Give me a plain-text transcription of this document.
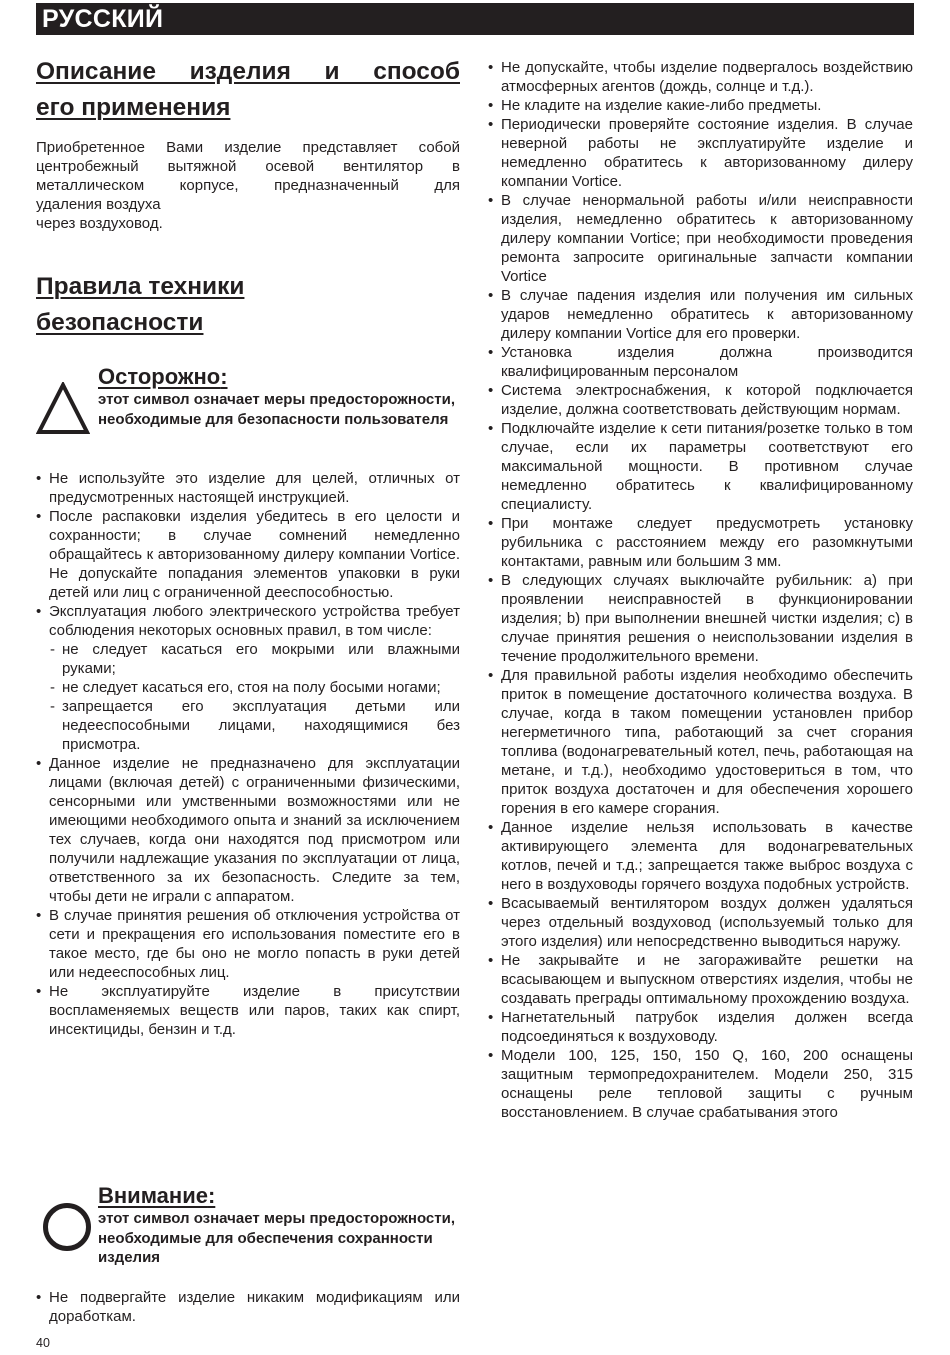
РУССКИЙ
Описание изделия и способ
его применения
Приобретенное Вами изделие представляет собой
центробежный вытяжной осевой вентилятор в
металлическом корпусе, предназначенный для
удаления воздуха
через воздуховод.
Правила техники
безопасности
Осторожно:
этот символ означает меры предосторожности, необходимые для безопасности пользователя
• Не используйте это изделие для целей, отличных от предусмотренных настоящей инструкцией.
• После распаковки изделия убедитесь в его целости и сохранности; в случае сомнений немедленно обращайтесь к авторизованному дилеру компании Vortice. Не допускайте попадания элементов упаковки в руки детей или лиц с ограниченной дееспособностью.
• Эксплуатация любого электрического устройства требует соблюдения некоторых основных правил, в том числе:
- не следует касаться его мокрыми или влажными руками;
- не следует касаться его, стоя на полу босыми ногами;
- запрещается его эксплуатация детьми или недееспособными лицами, находящимися без присмотра.
• Данное изделие не предназначено для эксплуатации лицами (включая детей) с ограниченными физическими, сенсорными или умственными возможностями или не имеющими необходимого опыта и знаний за исключением тех случаев, когда они находятся под присмотром или получили надлежащие указания по эксплуатации от лица, ответственного за их безопасность. Следите за тем, чтобы дети не играли с аппаратом.
• В случае принятия решения об отключения устройства от сети и прекращения его использования поместите его в такое место, где бы оно не могло попасть в руки детей или недееспособных лиц.
• Не эксплуатируйте изделие в присутствии воспламеняемых веществ или паров, таких как спирт, инсектициды, бензин и т.д.
Внимание:
этот символ означает меры предосторожности, необходимые для обеспечения сохранности изделия
• Не подвергайте изделие никаким модификациям или доработкам.
• Не допускайте, чтобы изделие подвергалось воздействию атмосферных агентов (дождь, солнце и т.д.).
• Не кладите на изделие какие-либо предметы.
• Периодически проверяйте состояние изделия. В случае неверной работы не эксплуатируйте изделие и немедленно обратитесь к авторизованному дилеру компании Vortice.
• В случае ненормальной работы и/или неисправности изделия, немедленно обратитесь к авторизованному дилеру компании Vortice; при необходимости проведения ремонта запросите оригинальные запчасти компании Vortice
• В случае падения изделия или получения им сильных ударов немедленно обратитесь к авторизованному дилеру компании Vortice для его проверки.
• Установка изделия должна производится квалифицированным персоналом
• Система электроснабжения, к которой подключается изделие, должна соответствовать действующим нормам.
• Подключайте изделие к сети питания/розетке только в том случае, если их параметры соответствуют его максимальной мощности. В противном случае немедленно обратитесь к квалифицированному специалисту.
• При монтаже следует предусмотреть установку рубильника с расстоянием между его разомкнутыми контактами, равным или большим 3 мм.
• В следующих случаях выключайте рубильник: a) при проявлении неисправностей в функционировании изделия; b) при выполнении внешней чистки изделия; c) в случае принятия решения о неиспользовании изделия в течение продолжительного времени.
• Для правильной работы изделия необходимо обеспечить приток в помещение достаточного количества воздуха. В случае, когда в таком помещении установлен прибор негерметичного типа, работающий за счет сгорания топлива (водонагревательный котел, печь, работающая на метане, и т.д.), необходимо удостовериться в том, что приток воздуха достаточен и для обеспечения хорошего горения в его камере сгорания.
• Данное изделие нельзя использовать в качестве активирующего элемента для водонагревательных котлов, печей и т.д.; запрещается также выброс воздуха с него в воздуховоды горячего воздуха подобных устройств.
• Всасываемый вентилятором воздух должен удаляться через отдельный воздуховод (используемый только для этого изделия) или непосредственно выводиться наружу.
• Не закрывайте и не загораживайте решетки на всасывающем и выпускном отверстиях изделия, чтобы не создавать преграды оптимальному прохождению воздуха.
• Нагнетательный патрубок изделия должен всегда подсоединяться к воздуховоду.
• Модели 100, 125, 150, 150 Q, 160, 200 оснащены защитным термопредохранителем. Модели 250, 315 оснащены реле тепловой защиты с ручным восстановлением. В случае срабатывания этого
40
